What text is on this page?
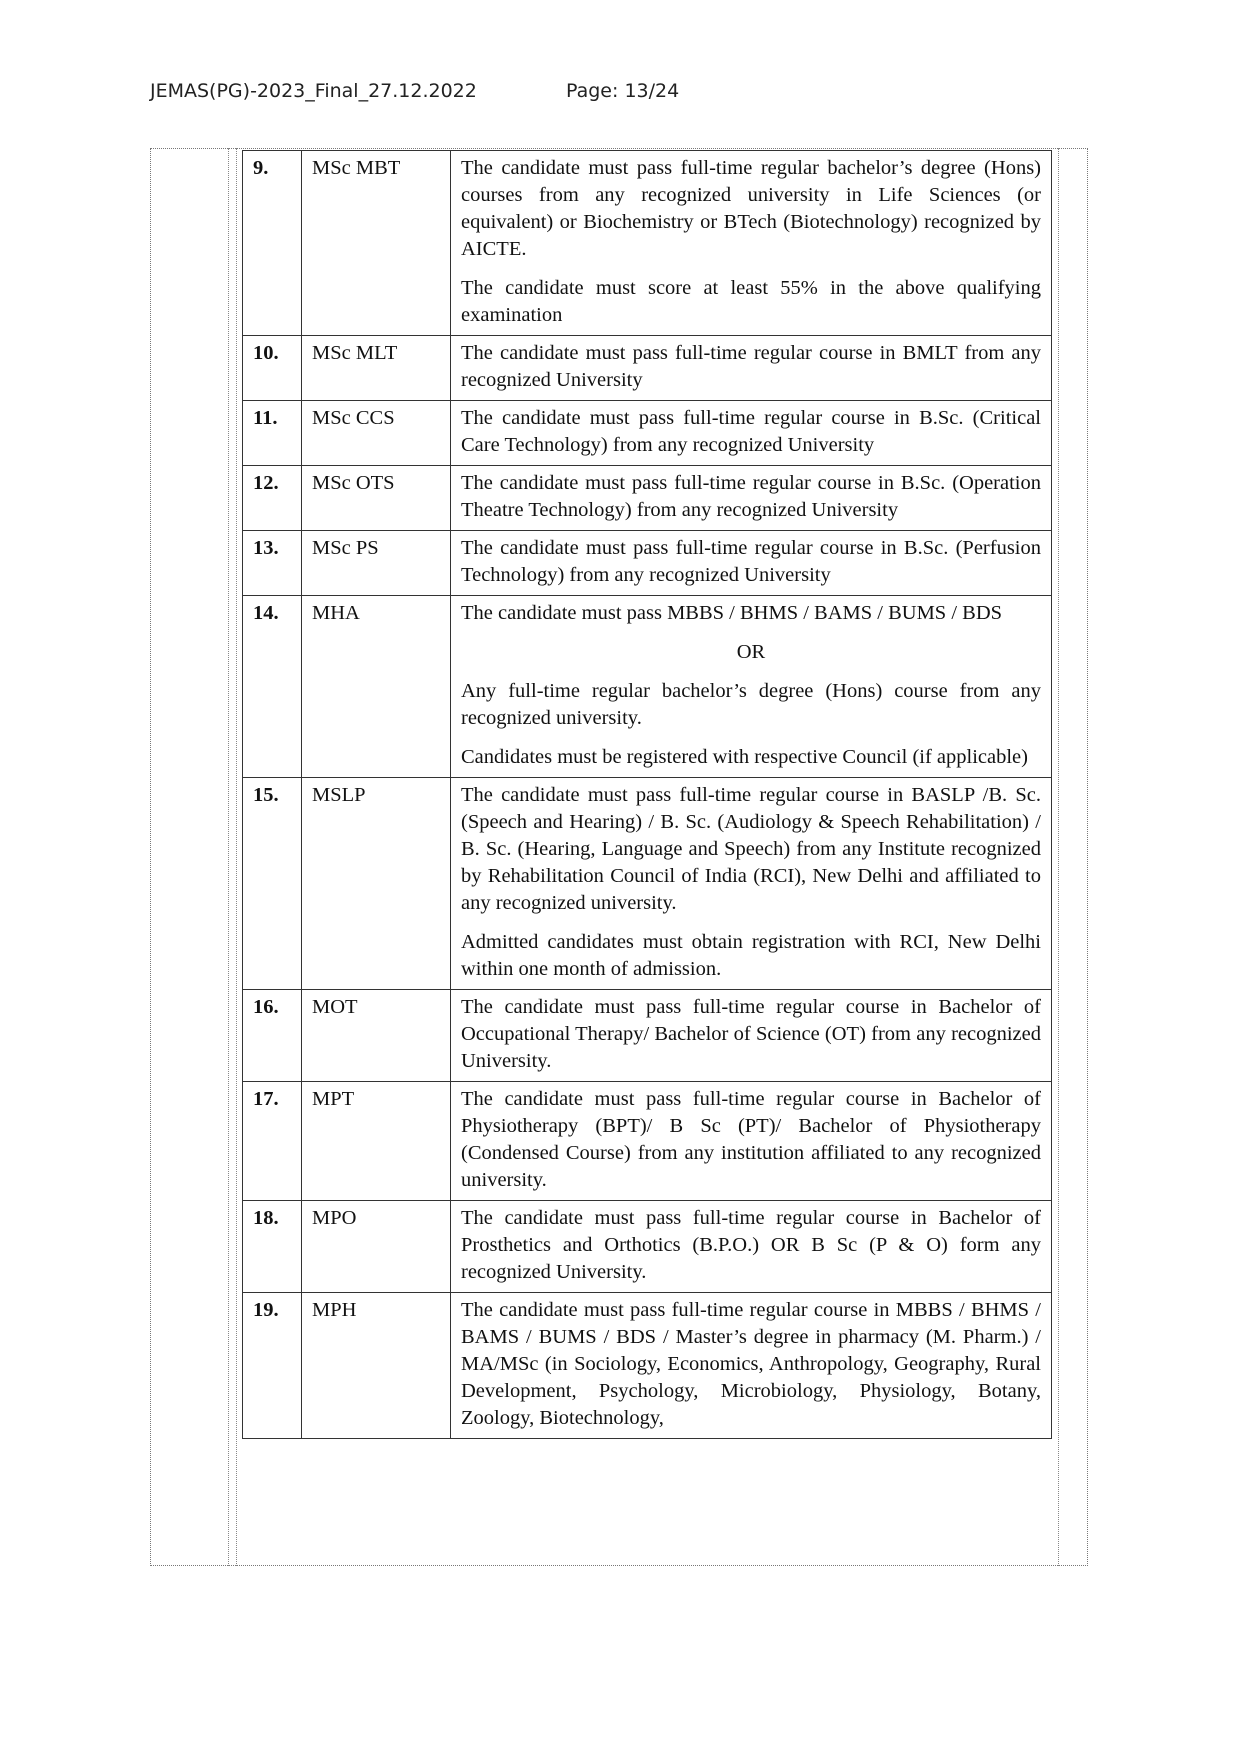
JEMAS(PG)-2023_Final_27.12.2022	Page: 13/24
9.	MSc MBT	The candidate must pass full-time regular bachelor’s degree (Hons) courses from any recognized university in Life Sciences (or equivalent) or Biochemistry or BTech (Biotechnology) recognized by AICTE.

The candidate must score at least 55% in the above qualifying examination

10.	MSc MLT	The candidate must pass full-time regular course in BMLT from any recognized University

11.	MSc CCS	The candidate must pass full-time regular course in B.Sc. (Critical Care Technology) from any recognized University

12.	MSc OTS	The candidate must pass full-time regular course in B.Sc. (Operation Theatre Technology) from any recognized University

13.	MSc PS	The candidate must pass full-time regular course in B.Sc. (Perfusion Technology) from any recognized University

14.	MHA	The candidate must pass MBBS / BHMS / BAMS / BUMS / BDS

OR

Any full-time regular bachelor’s degree (Hons) course from any recognized university.

Candidates must be registered with respective Council (if applicable)

15.	MSLP	The candidate must pass full-time regular course in BASLP /B. Sc. (Speech and Hearing) / B. Sc. (Audiology & Speech Rehabilitation) / B. Sc. (Hearing, Language and Speech) from any Institute recognized by Rehabilitation Council of India (RCI), New Delhi and affiliated to any recognized university.

Admitted candidates must obtain registration with RCI, New Delhi within one month of admission.

16.	MOT	The candidate must pass full-time regular course in Bachelor of Occupational Therapy/ Bachelor of Science (OT) from any recognized University.

17.	MPT	The candidate must pass full-time regular course in Bachelor of Physiotherapy (BPT)/ B Sc (PT)/ Bachelor of Physiotherapy (Condensed Course) from any institution affiliated to any recognized university.

18.	MPO	The candidate must pass full-time regular course in Bachelor of Prosthetics and Orthotics (B.P.O.) OR B Sc (P & O) form any recognized University.

19.	MPH	The candidate must pass full-time regular course in MBBS / BHMS / BAMS / BUMS / BDS / Master’s degree in pharmacy (M. Pharm.) / MA/MSc (in Sociology, Economics, Anthropology, Geography, Rural Development, Psychology, Microbiology, Physiology, Botany, Zoology, Biotechnology,
